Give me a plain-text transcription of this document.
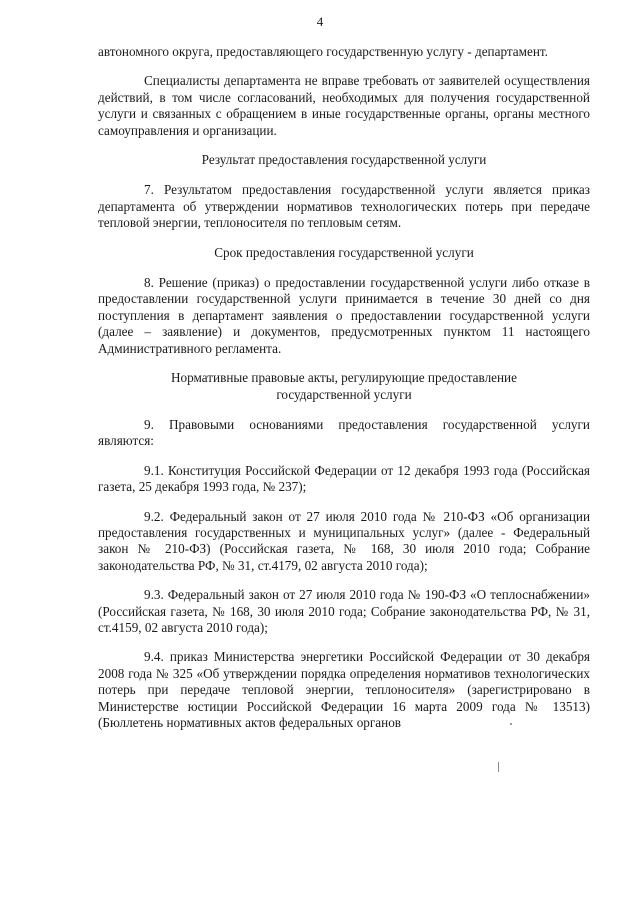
4

автономного округа, предоставляющего государственную услугу - департамент.

Специалисты департамента не вправе требовать от заявителей осуществления действий, в том числе согласований, необходимых для получения государственной услуги и связанных с обращением в иные государственные органы, органы местного самоуправления и организации.

Результат предоставления государственной услуги

7. Результатом предоставления государственной услуги является приказ департамента об утверждении нормативов технологических потерь при передаче тепловой энергии, теплоносителя по тепловым сетям.

Срок предоставления государственной услуги

8. Решение (приказ) о предоставлении государственной услуги либо отказе в предоставлении государственной услуги принимается в течение 30 дней со дня поступления в департамент заявления о предоставлении государственной услуги (далее – заявление) и документов, предусмотренных пунктом 11 настоящего Административного регламента.

Нормативные правовые акты, регулирующие предоставление
государственной услуги

9. Правовыми основаниями предоставления государственной услуги являются:

9.1. Конституция Российской Федерации от 12 декабря 1993 года (Российская газета, 25 декабря 1993 года, № 237);

9.2. Федеральный закон от 27 июля 2010 года № 210-ФЗ «Об организации предоставления государственных и муниципальных услуг» (далее - Федеральный закон № 210-ФЗ) (Российская газета, № 168, 30 июля 2010 года; Собрание законодательства РФ, № 31, ст.4179, 02 августа 2010 года);

9.3. Федеральный закон от 27 июля 2010 года № 190-ФЗ «О теплоснабжении» (Российская газета, № 168, 30 июля 2010 года; Собрание законодательства РФ, № 31, ст.4159, 02 августа 2010 года);

9.4. приказ Министерства энергетики Российской Федерации от 30 декабря 2008 года № 325 «Об утверждении порядка определения нормативов технологических потерь при передаче тепловой энергии, теплоносителя» (зарегистрировано в Министерстве юстиции Российской Федерации 16 марта 2009 года № 13513) (Бюллетень нормативных актов федеральных органов
